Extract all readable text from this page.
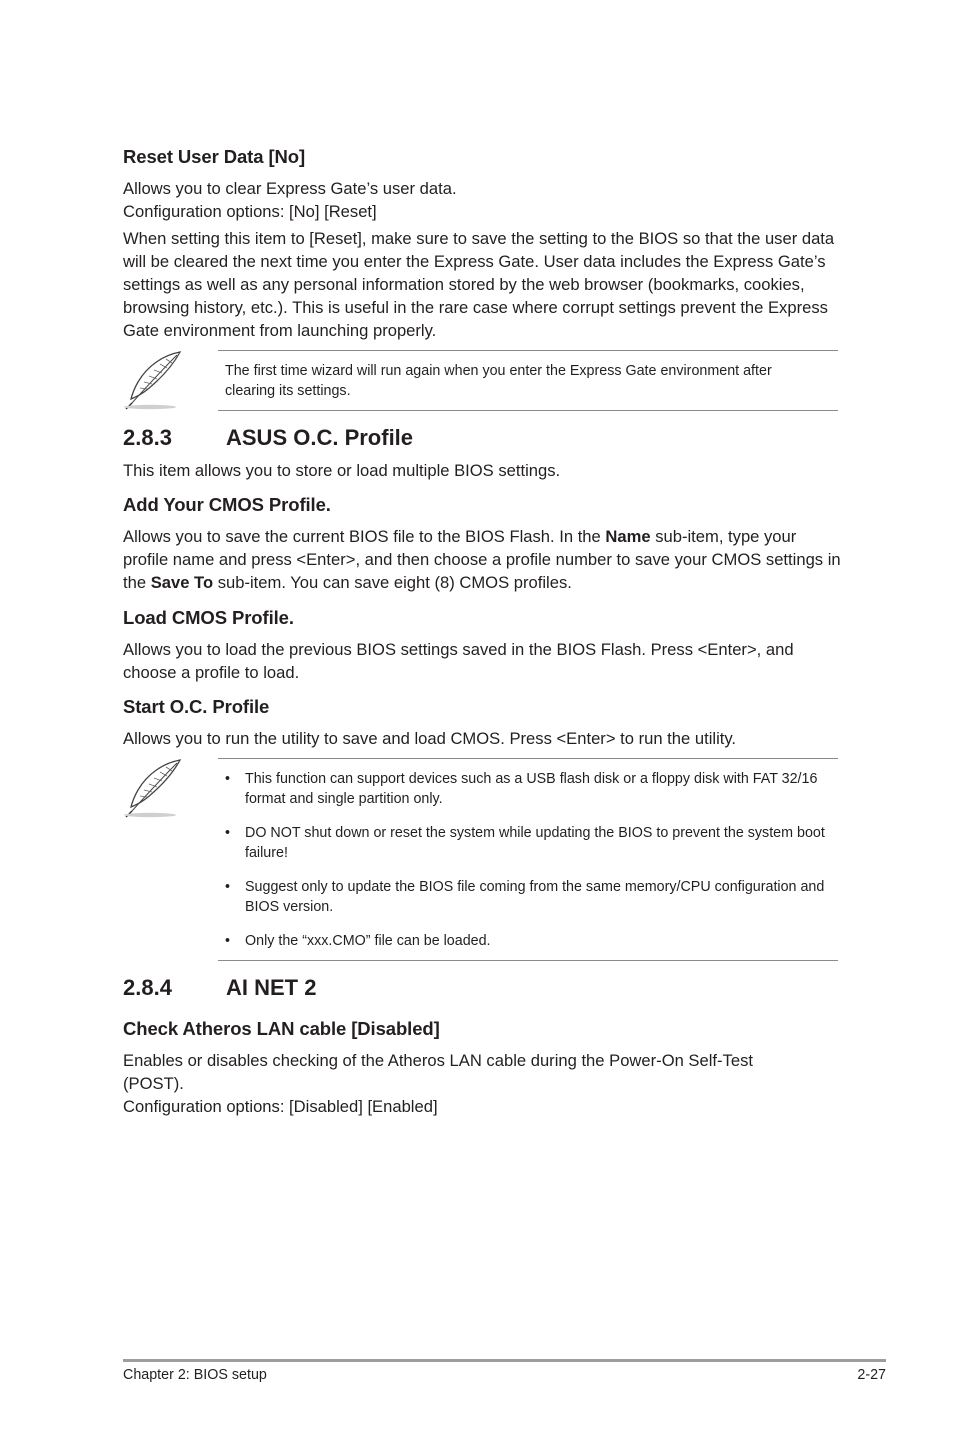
Reset User Data [No]

Allows you to clear Express Gate’s user data.

Configuration options: [No] [Reset]

When setting this item to [Reset], make sure to save the setting to the BIOS so that the user data will be cleared the next time you enter the Express Gate. User data includes the Express Gate’s settings as well as any personal information stored by the web browser (bookmarks, cookies, browsing history, etc.). This is useful in the rare case where corrupt settings prevent the Express Gate environment from launching properly.

The first time wizard will run again when you enter the Express Gate environment after clearing its settings.
2.8.3 ASUS O.C. Profile
This item allows you to store or load multiple BIOS settings.
Add Your CMOS Profile.
Allows you to save the current BIOS file to the BIOS Flash. In the Name sub-item, type your profile name and press <Enter>, and then choose a profile number to save your CMOS settings in the Save To sub-item. You can save eight (8) CMOS profiles.
Load CMOS Profile.
Allows you to load the previous BIOS settings saved in the BIOS Flash. Press <Enter>, and choose a profile to load.
Start O.C. Profile
Allows you to run the utility to save and load CMOS. Press <Enter> to run the utility.
• This function can support devices such as a USB flash disk or a floppy disk with FAT 32/16 format and single partition only.
• DO NOT shut down or reset the system while updating the BIOS to prevent the system boot failure!
• Suggest only to update the BIOS file coming from the same memory/CPU configuration and BIOS version.
• Only the “xxx.CMO” file can be loaded.
2.8.4 AI NET 2
Check Atheros LAN cable [Disabled]

Enables or disables checking of the Atheros LAN cable during the Power-On Self-Test (POST).

Configuration options: [Disabled] [Enabled]

Chapter 2: BIOS setup	2-27
